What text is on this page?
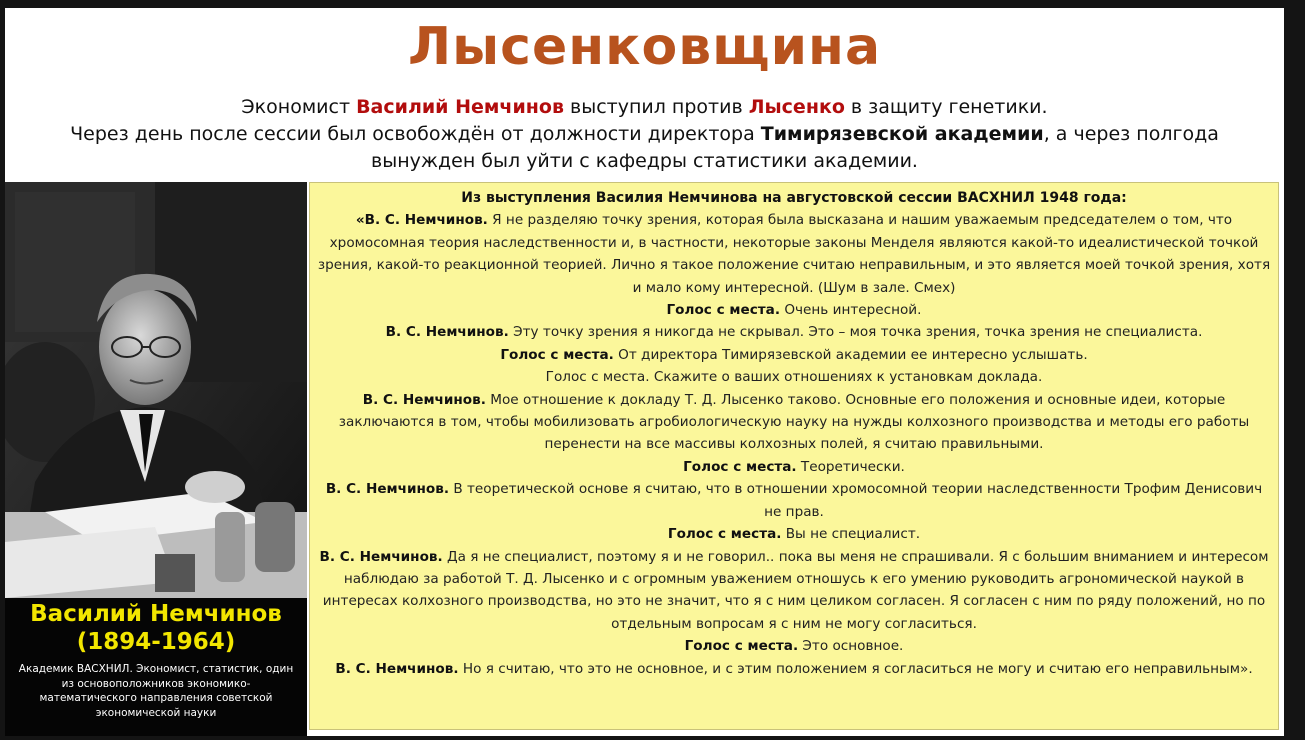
Лысенковщина
Экономист Василий Немчинов выступил против Лысенко в защиту генетики.
Через день после сессии был освобождён от должности директора Тимирязевской академии, а через полгода
вынужден был уйти с кафедры статистики академии.
Василий Немчинов
(1894-1964)
Академик ВАСХНИЛ. Экономист, статистик, один из основоположников экономико-математического направления советской экономической науки
Из выступления Василия Немчинова на августовской сессии ВАСХНИЛ 1948 года:

«В. С. Немчинов. Я не разделяю точку зрения, которая была высказана и нашим уважаемым председателем о том, что хромосомная теория наследственности и, в частности, некоторые законы Менделя являются какой-то идеалистической точкой зрения, какой-то реакционной теорией. Лично я такое положение считаю неправильным, и это является моей точкой зрения, хотя и мало кому интересной. (Шум в зале. Смех)

Голос с места. Очень интересной.

В. С. Немчинов. Эту точку зрения я никогда не скрывал. Это – моя точка зрения, точка зрения не специалиста.

Голос с места. От директора Тимирязевской академии ее интересно услышать.

Голос с места. Скажите о ваших отношениях к установкам доклада.

В. С. Немчинов. Мое отношение к докладу Т. Д. Лысенко таково. Основные его положения и основные идеи, которые заключаются в том, чтобы мобилизовать агробиологическую науку на нужды колхозного производства и методы его работы перенести на все массивы колхозных полей, я считаю правильными.

Голос с места. Теоретически.

В. С. Немчинов. В теоретической основе я считаю, что в отношении хромосомной теории наследственности Трофим Денисович не прав.

Голос с места. Вы не специалист.

В. С. Немчинов. Да я не специалист, поэтому я и не говорил.. пока вы меня не спрашивали. Я с большим вниманием и интересом наблюдаю за работой Т. Д. Лысенко и с огромным уважением отношусь к его умению руководить агрономической наукой в интересах колхозного производства, но это не значит, что я с ним целиком согласен. Я согласен с ним по ряду положений, но по отдельным вопросам я с ним не могу согласиться.

Голос с места. Это основное.

В. С. Немчинов. Но я считаю, что это не основное, и с этим положением я согласиться не могу и считаю его неправильным».
